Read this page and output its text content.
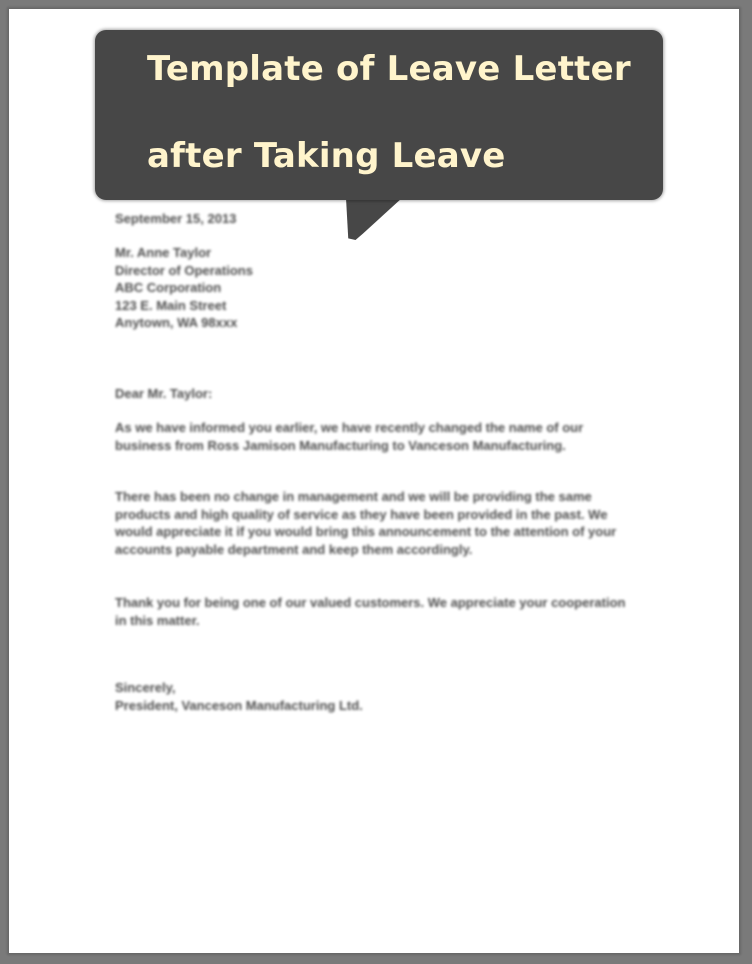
September 15, 2013
Mr. Anne Taylor
Director of Operations
ABC Corporation
123 E. Main Street
Anytown, WA 98xxx
Dear Mr. Taylor:
As we have informed you earlier, we have recently changed the name of our business from Ross Jamison Manufacturing to Vanceson Manufacturing.
There has been no change in management and we will be providing the same products and high quality of service as they have been provided in the past. We would appreciate it if you would bring this announcement to the attention of your accounts payable department and keep them accordingly.
Thank you for being one of our valued customers. We appreciate your cooperation in this matter.
Sincerely,
President, Vanceson Manufacturing Ltd.
Template of Leave Letter
after Taking Leave
